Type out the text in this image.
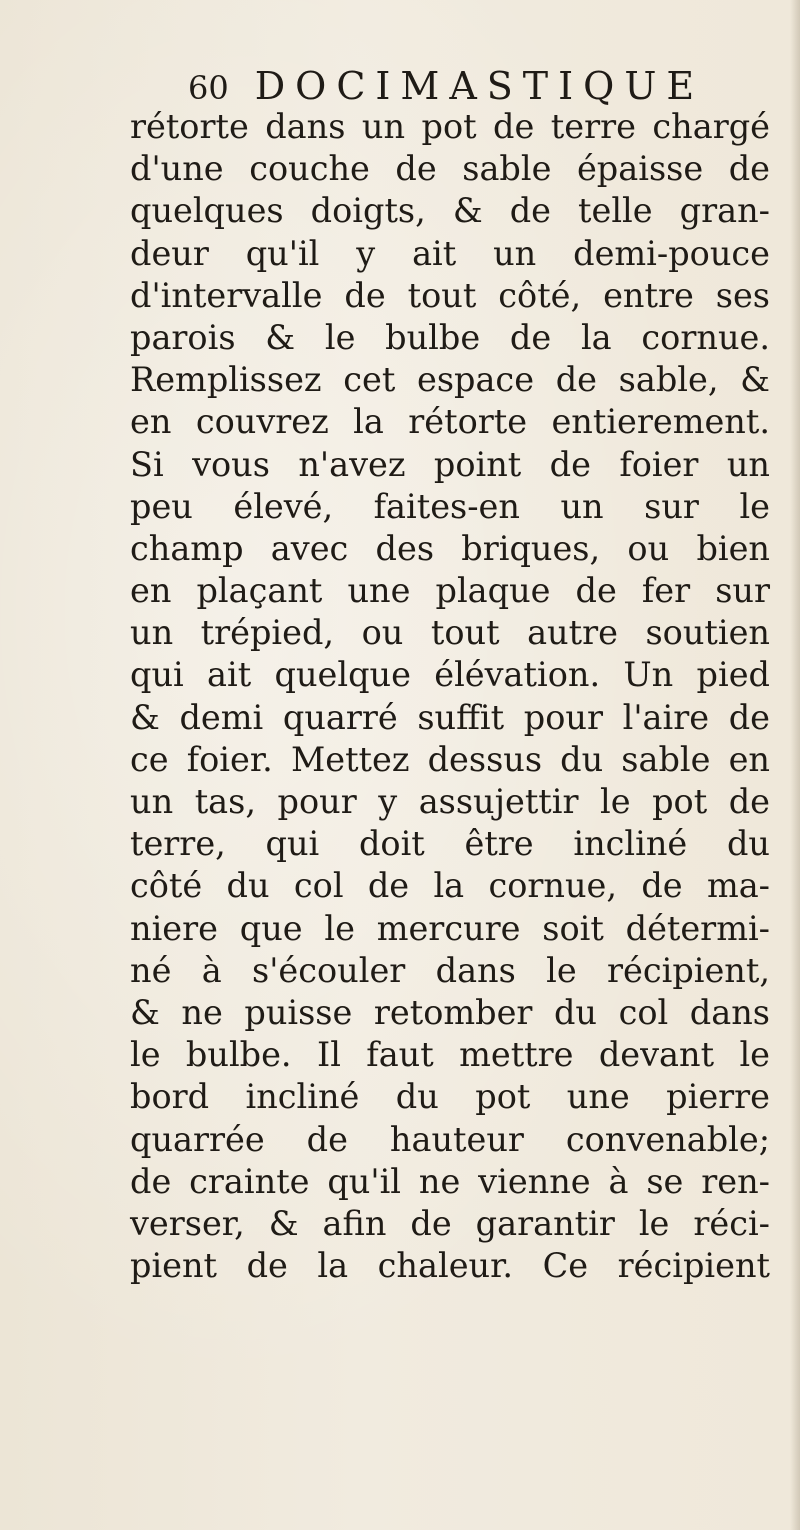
60 DOCIMASTIQUE
rétorte dans un pot de terre chargé
d'une couche de sable épaisse de
quelques doigts, & de telle gran-
deur qu'il y ait un demi-pouce
d'intervalle de tout côté, entre ses
parois & le bulbe de la cornue.
Remplissez cet espace de sable, &
en couvrez la rétorte entierement.
Si vous n'avez point de foier un
peu élevé, faites-en un sur le
champ avec des briques, ou bien
en plaçant une plaque de fer sur
un trépied, ou tout autre soutien
qui ait quelque élévation. Un pied
& demi quarré suffit pour l'aire de
ce foier. Mettez dessus du sable en
un tas, pour y assujettir le pot de
terre, qui doit être incliné du
côté du col de la cornue, de ma-
niere que le mercure soit détermi-
né à s'écouler dans le récipient,
& ne puisse retomber du col dans
le bulbe. Il faut mettre devant le
bord incliné du pot une pierre
quarrée de hauteur convenable;
de crainte qu'il ne vienne à se ren-
verser, & afin de garantir le réci-
pient de la chaleur. Ce récipient
